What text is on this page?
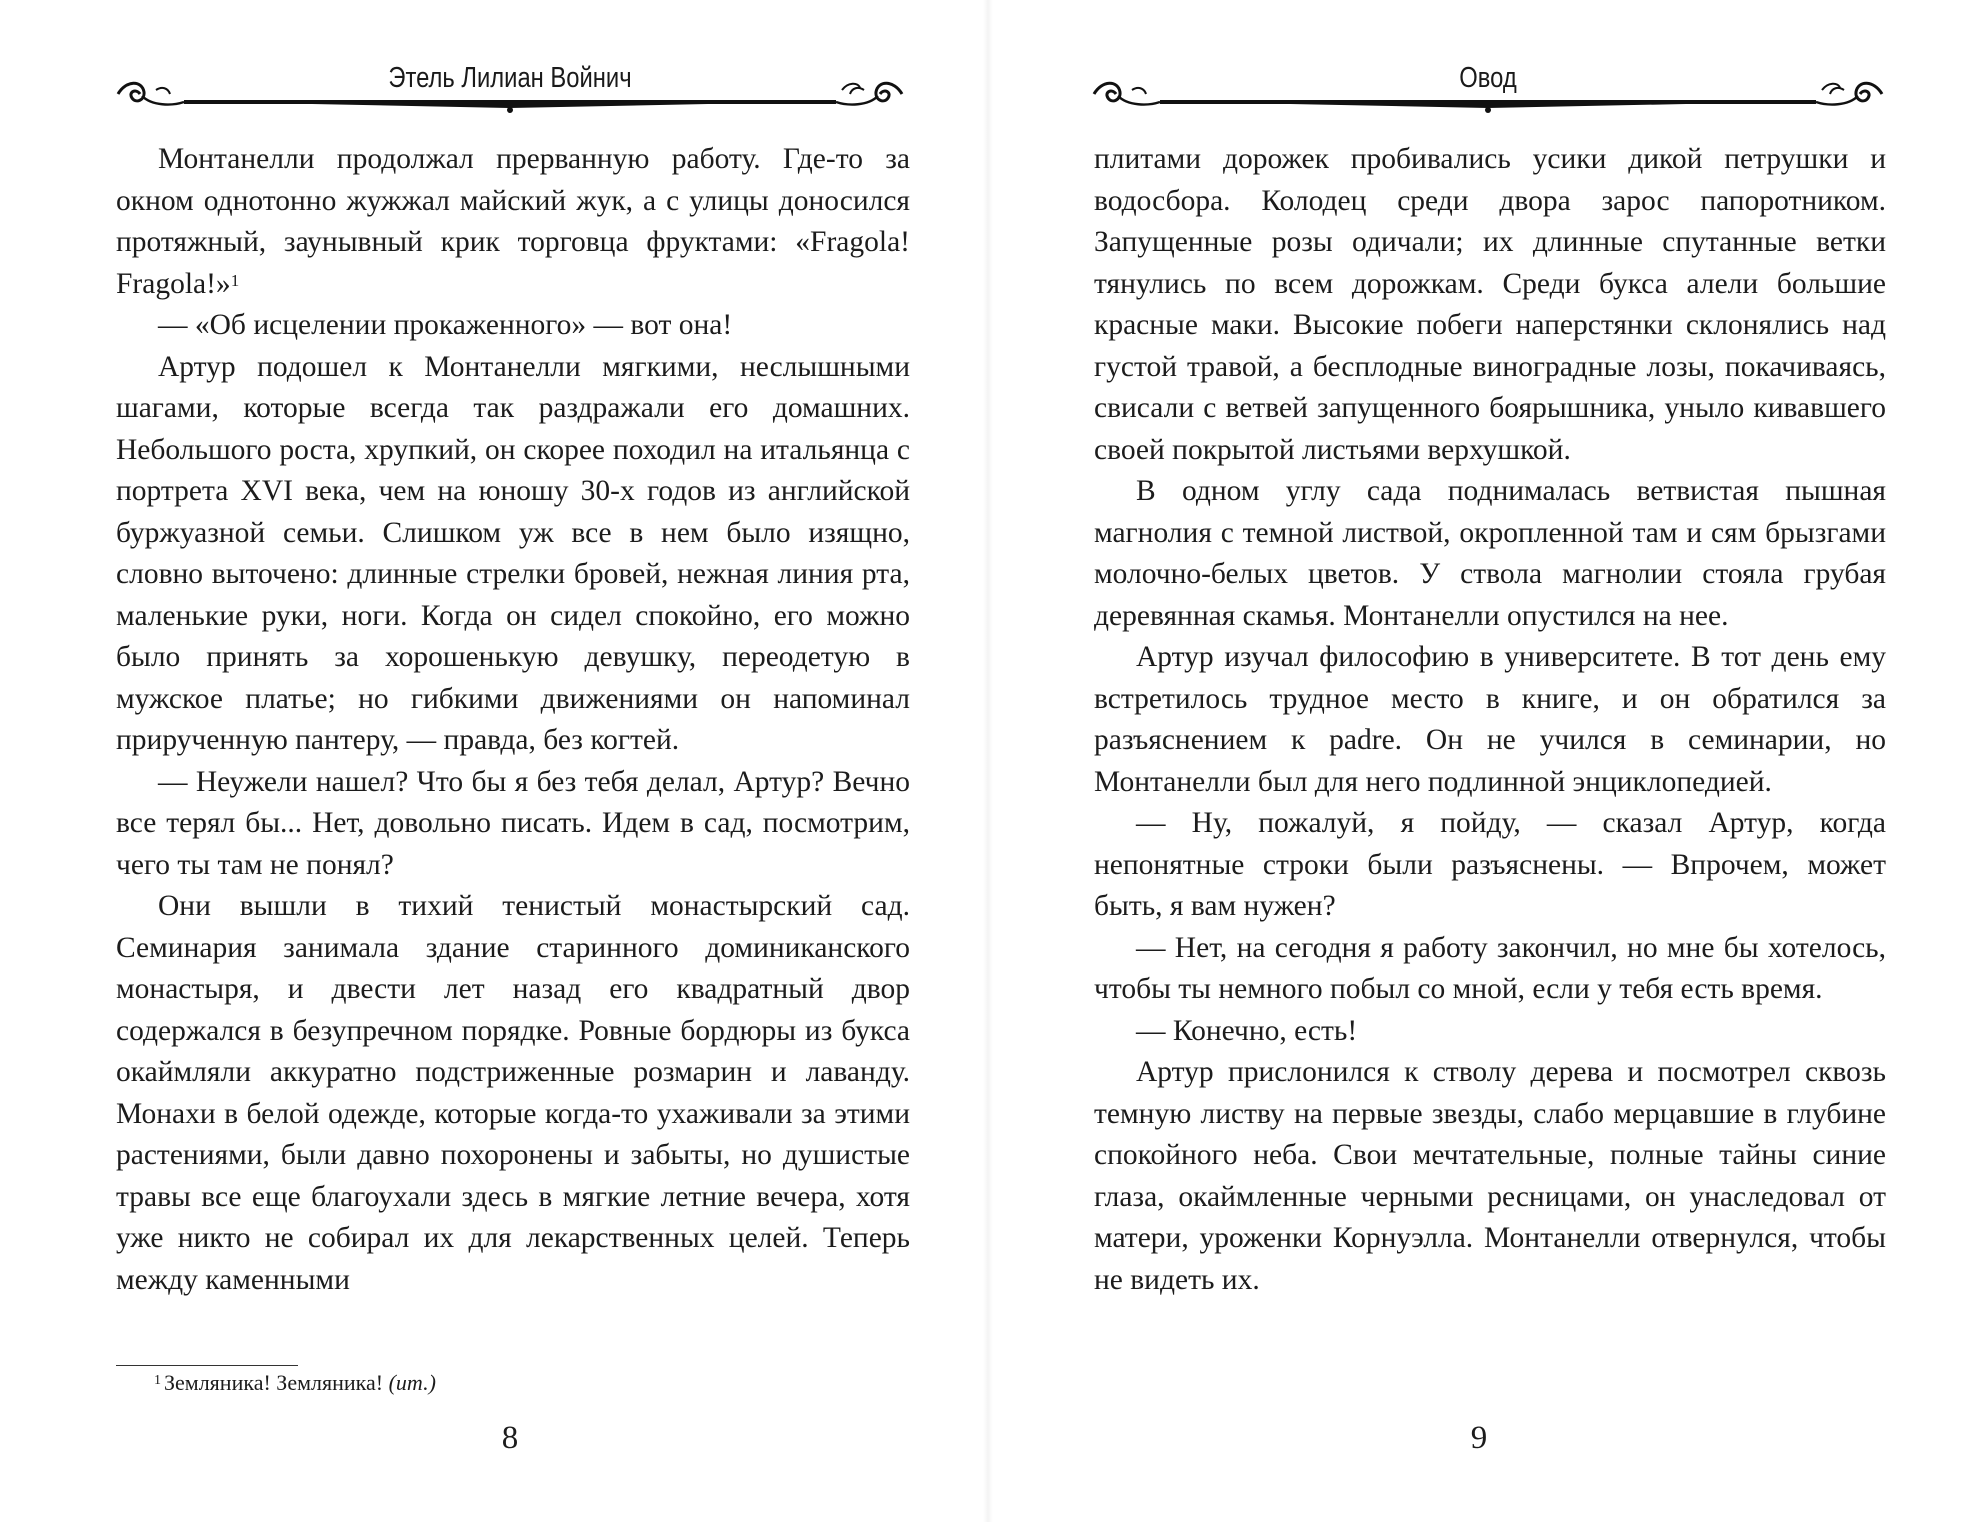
Этель Лилиан Войнич

Монтанелли продолжал прерванную работу. Где-то за окном однотонно жужжал майский жук, а с улицы доносился протяжный, заунывный крик торговца фруктами: «Fragola! Fragola!»$^1$

— «Об исцелении прокаженного» — вот она!

Артур подошел к Монтанелли мягкими, неслышными шагами, которые всегда так раздражали его домашних. Небольшого роста, хрупкий, он скорее походил на итальянца с портрета XVI века, чем на юношу 30-х годов из английской буржуазной семьи. Слишком уж все в нем было изящно, словно выточено: длинные стрелки бровей, нежная линия рта, маленькие руки, ноги. Когда он сидел спокойно, его можно было принять за хорошенькую девушку, переодетую в мужское платье; но гибкими движениями он напоминал прирученную пантеру, — правда, без когтей.

— Неужели нашел? Что бы я без тебя делал, Артур? Вечно все терял бы... Нет, довольно писать. Идем в сад, посмотрим, чего ты там не понял?

Они вышли в тихий тенистый монастырский сад. Семинария занимала здание старинного доминиканского монастыря, и двести лет назад его квадратный двор содержался в безупречном порядке. Ровные бордюры из букса окаймляли аккуратно подстриженные розмарин и лаванду. Монахи в белой одежде, которые когда-то ухаживали за этими растениями, были давно похоронены и забыты, но душистые травы все еще благоухали здесь в мягкие летние вечера, хотя уже никто не собирал их для лекарственных целей. Теперь между каменными

$^1$ Земляника! Земляника! (ит.)
8
Овод

плитами дорожек пробивались усики дикой петрушки и водосбора. Колодец среди двора зарос папоротником. Запущенные розы одичали; их длинные спутанные ветки тянулись по всем дорожкам. Среди букса алели большие красные маки. Высокие побеги наперстянки склонялись над густой травой, а бесплодные виноградные лозы, покачиваясь, свисали с ветвей запущенного боярышника, уныло кивавшего своей покрытой листьями верхушкой.

В одном углу сада поднималась ветвистая пышная магнолия с темной листвой, окропленной там и сям брызгами молочно-белых цветов. У ствола магнолии стояла грубая деревянная скамья. Монтанелли опустился на нее.

Артур изучал философию в университете. В тот день ему встретилось трудное место в книге, и он обратился за разъяснением к padre. Он не учился в семинарии, но Монтанелли был для него подлинной энциклопедией.

— Ну, пожалуй, я пойду, — сказал Артур, когда непонятные строки были разъяснены. — Впрочем, может быть, я вам нужен?

— Нет, на сегодня я работу закончил, но мне бы хотелось, чтобы ты немного побыл со мной, если у тебя есть время.

— Конечно, есть!

Артур прислонился к стволу дерева и посмотрел сквозь темную листву на первые звезды, слабо мерцавшие в глубине спокойного неба. Свои мечтательные, полные тайны синие глаза, окаймленные черными ресницами, он унаследовал от матери, уроженки Корнуэлла. Монтанелли отвернулся, чтобы не видеть их.

9
